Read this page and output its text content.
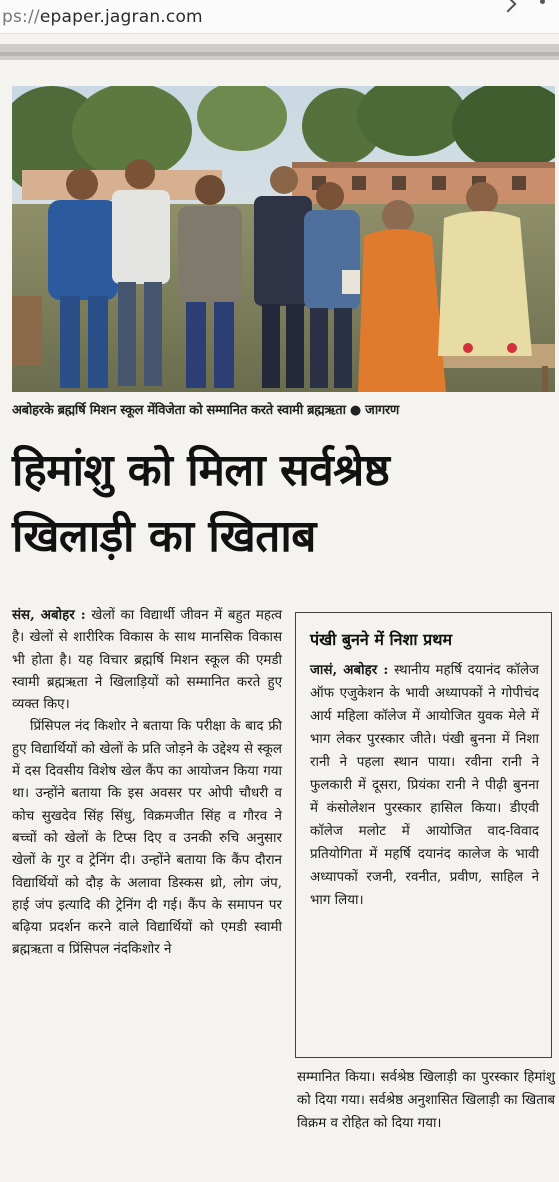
ps://epaper.jagran.com
अबोहरके ब्रह्मर्षि मिशन स्कूल मेंविजेता को सम्मानित करते स्वामी ब्रह्मऋता ● जागरण
हिमांशु को मिला सर्वश्रेष्ठ
खिलाड़ी का खिताब

संस, अबोहर : खेलों का विद्यार्थी जीवन में बहुत महत्व है। खेलों से शारीरिक विकास के साथ मानसिक विकास भी होता है। यह विचार ब्रह्मर्षि मिशन स्कूल की एमडी स्वामी ब्रह्मऋता ने खिलाड़ियों को सम्मानित करते हुए व्यक्त किए।

प्रिंसिपल नंद किशोर ने बताया कि परीक्षा के बाद फ्री हुए विद्यार्थियों को खेलों के प्रति जोड़ने के उद्देश्य से स्कूल में दस दिवसीय विशेष खेल कैंप का आयोजन किया गया था। उन्होंने बताया कि इस अवसर पर ओपी चौधरी व कोच सुखदेव सिंह सिंधु, विक्रमजीत सिंह व गौरव ने बच्चों को खेलों के टिप्स दिए व उनकी रुचि अनुसार खेलों के गुर व ट्रेनिंग दी। उन्होंने बताया कि कैंप दौरान विद्यार्थियों को दौड़ के अलावा डिस्कस थ्रो, लोग जंप, हाई जंप इत्यादि की ट्रेनिंग दी गई। कैंप के समापन पर बढ़िया प्रदर्शन करने वाले विद्यार्थियों को एमडी स्वामी ब्रह्मऋता व प्रिंसिपल नंदकिशोर ने

पंखी बुनने में निशा प्रथम
जासं, अबोहर : स्थानीय महर्षि दयानंद कॉलेज ऑफ एजुकेशन के भावी अध्यापकों ने गोपीचंद आर्य महिला कॉलेज में आयोजित युवक मेले में भाग लेकर पुरस्कार जीते। पंखी बुनना में निशा रानी ने पहला स्थान पाया। रवीना रानी ने फुलकारी में दूसरा, प्रियंका रानी ने पीढ़ी बुनना में कंसोलेशन पुरस्कार हासिल किया। डीएवी कॉलेज मलोट में आयोजित वाद-विवाद प्रतियोगिता में महर्षि दयानंद कालेज के भावी अध्यापकों रजनी, रवनीत, प्रवीण, साहिल ने भाग लिया।
सम्मानित किया। सर्वश्रेष्ठ खिलाड़ी का पुरस्कार हिमांशु को दिया गया। सर्वश्रेष्ठ अनुशासित खिलाड़ी का खिताब विक्रम व रोहित को दिया गया।
